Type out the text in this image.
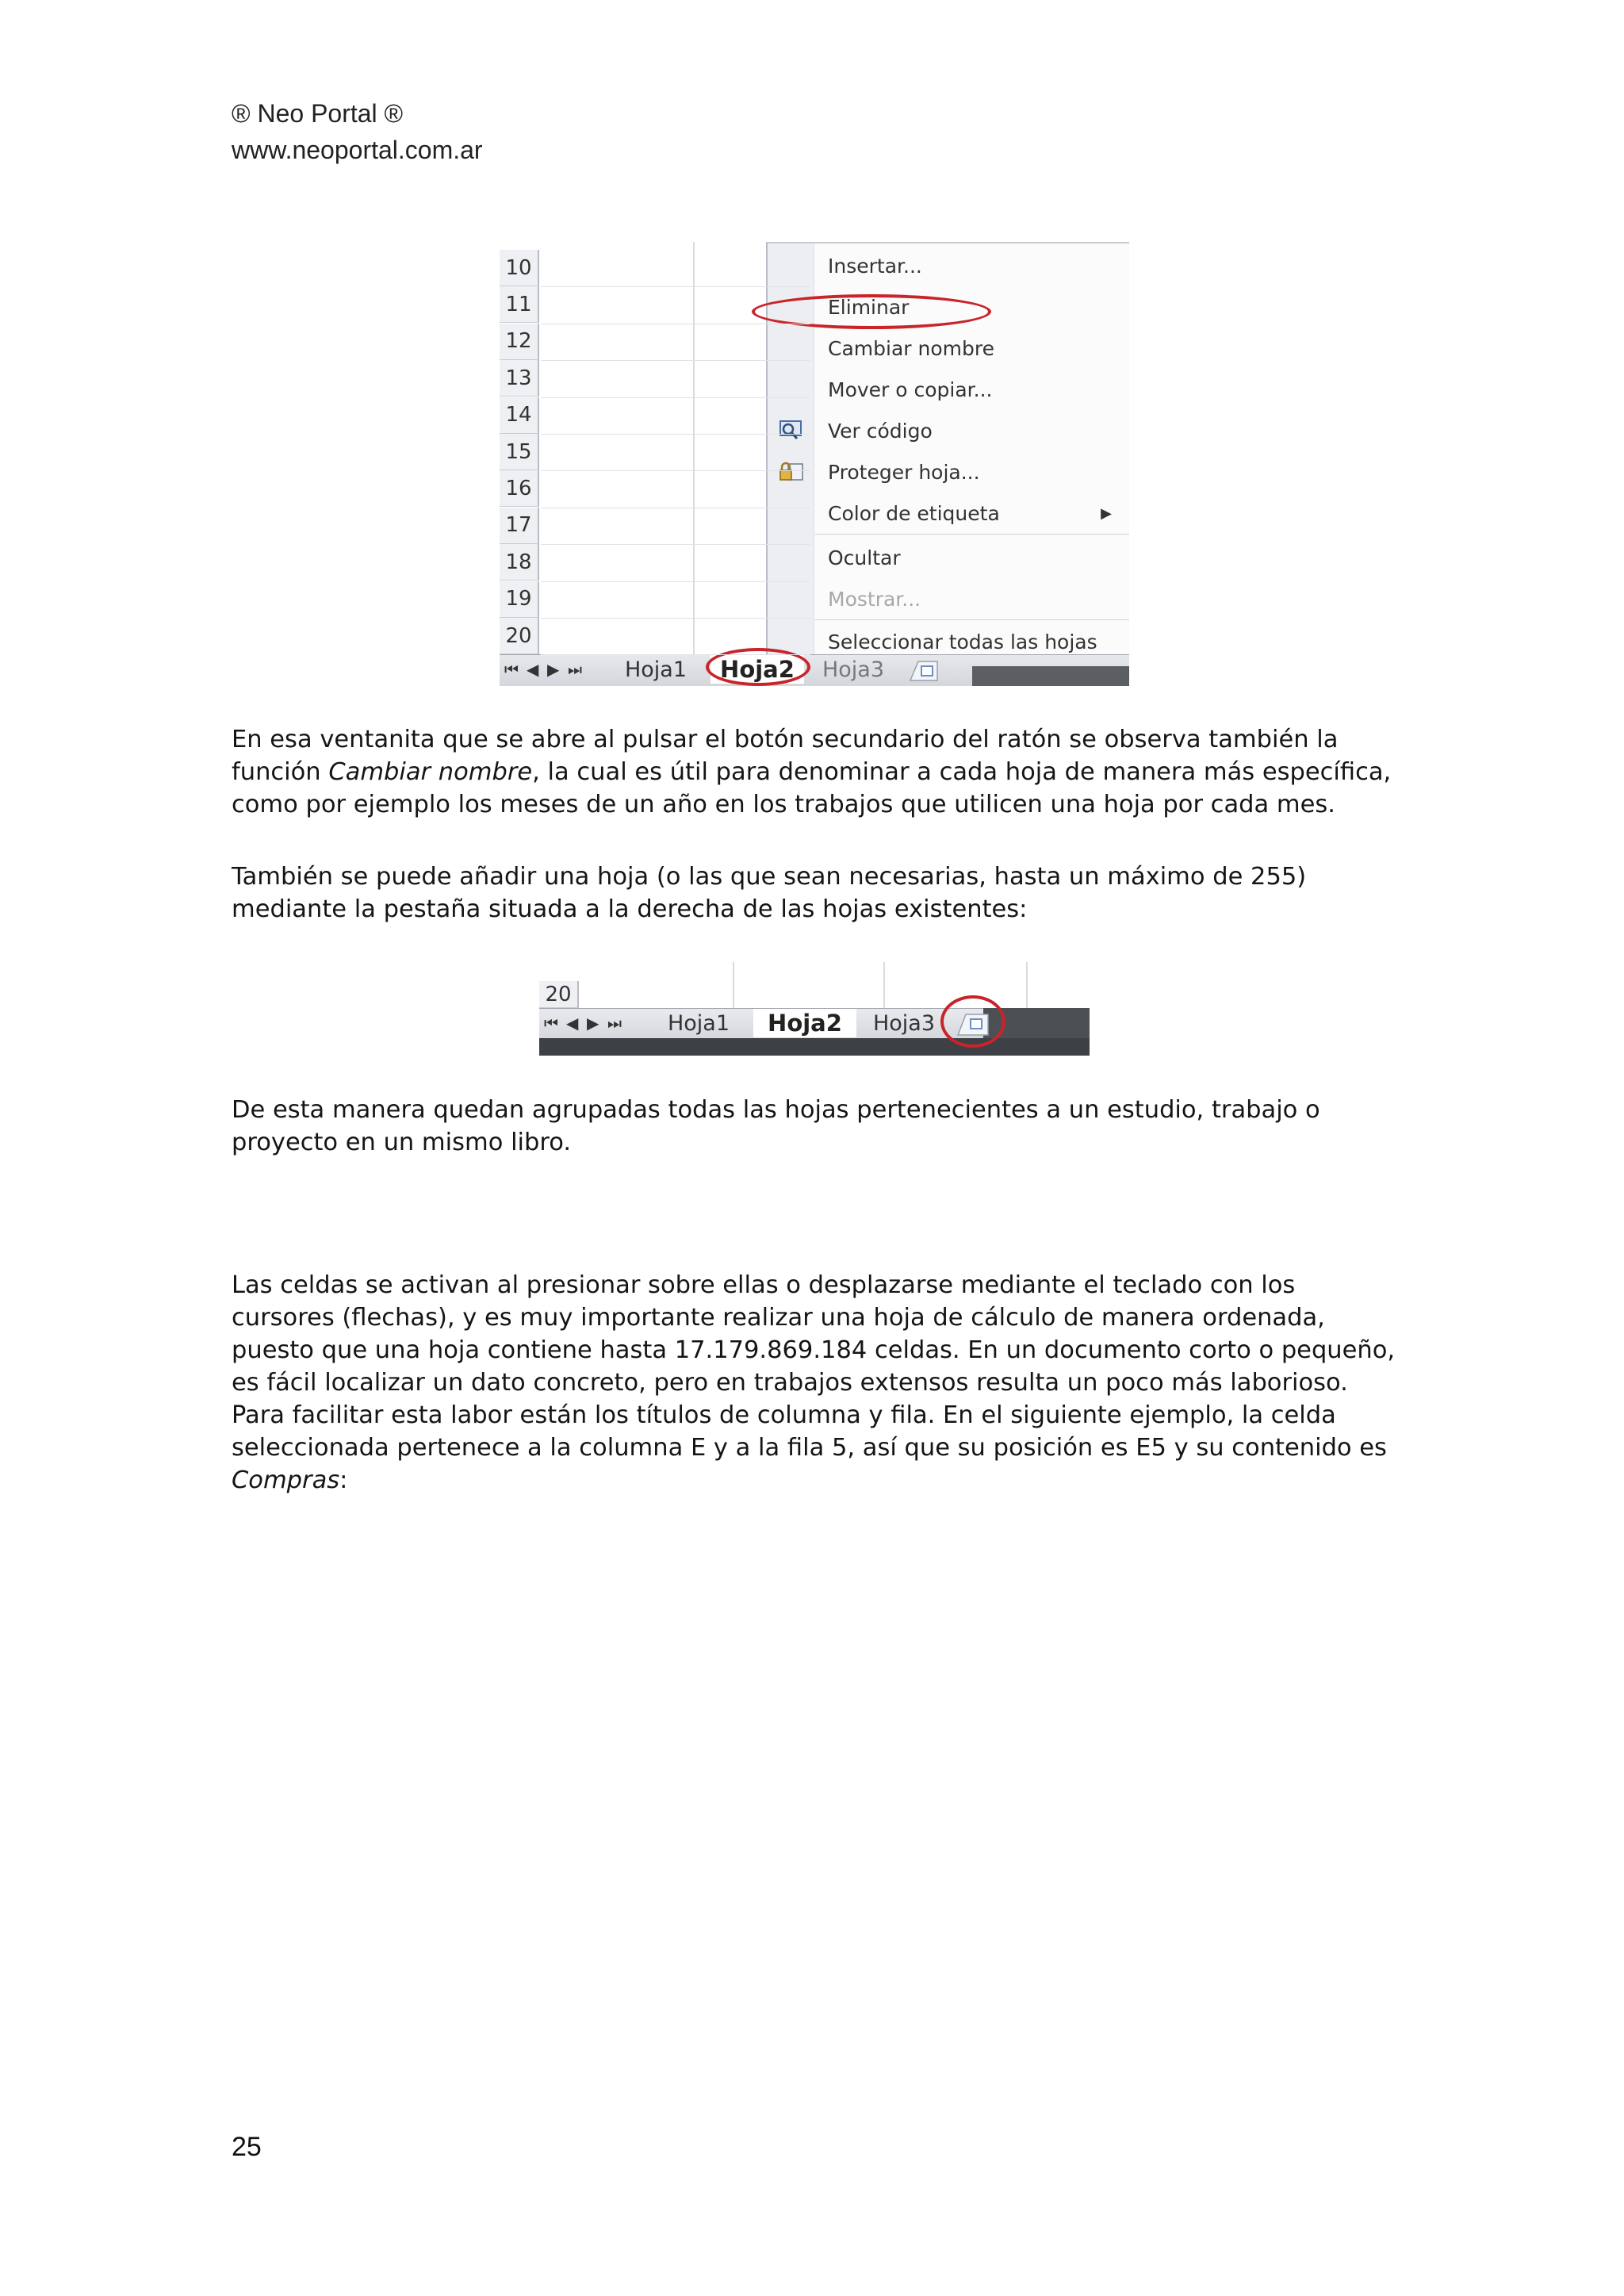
® Neo Portal ®
www.neoportal.com.ar
10
11
12
13
14
15
16
17
18
19
20
Insertar...
Eliminar
Cambiar nombre
Mover o copiar...
Ver código
Proteger hoja...
Color de etiqueta	▶
Ocultar
Mostrar...
Seleccionar todas las hojas
⏮ ◀ ▶ ⏭	Hoja1	Hoja2	Hoja3
En esa ventanita que se abre al pulsar el botón secundario del ratón se observa también la función Cambiar nombre, la cual es útil para denominar a cada hoja de manera más específica, como por ejemplo los meses de un año en los trabajos que utilicen una hoja por cada mes.
También se puede añadir una hoja (o las que sean necesarias, hasta un máximo de 255) mediante la pestaña situada a la derecha de las hojas existentes:
20
⏮ ◀ ▶ ⏭	Hoja1	Hoja2	Hoja3
De esta manera quedan agrupadas todas las hojas pertenecientes a un estudio, trabajo o proyecto en un mismo libro.
Las celdas se activan al presionar sobre ellas o desplazarse mediante el teclado con los cursores (flechas), y es muy importante realizar una hoja de cálculo de manera ordenada, puesto que una hoja contiene hasta 17.179.869.184 celdas. En un documento corto o pequeño, es fácil localizar un dato concreto, pero en trabajos extensos resulta un poco más laborioso. Para facilitar esta labor están los títulos de columna y fila. En el siguiente ejemplo, la celda seleccionada pertenece a la columna E y a la fila 5, así que su posición es E5 y su contenido es Compras:
25
